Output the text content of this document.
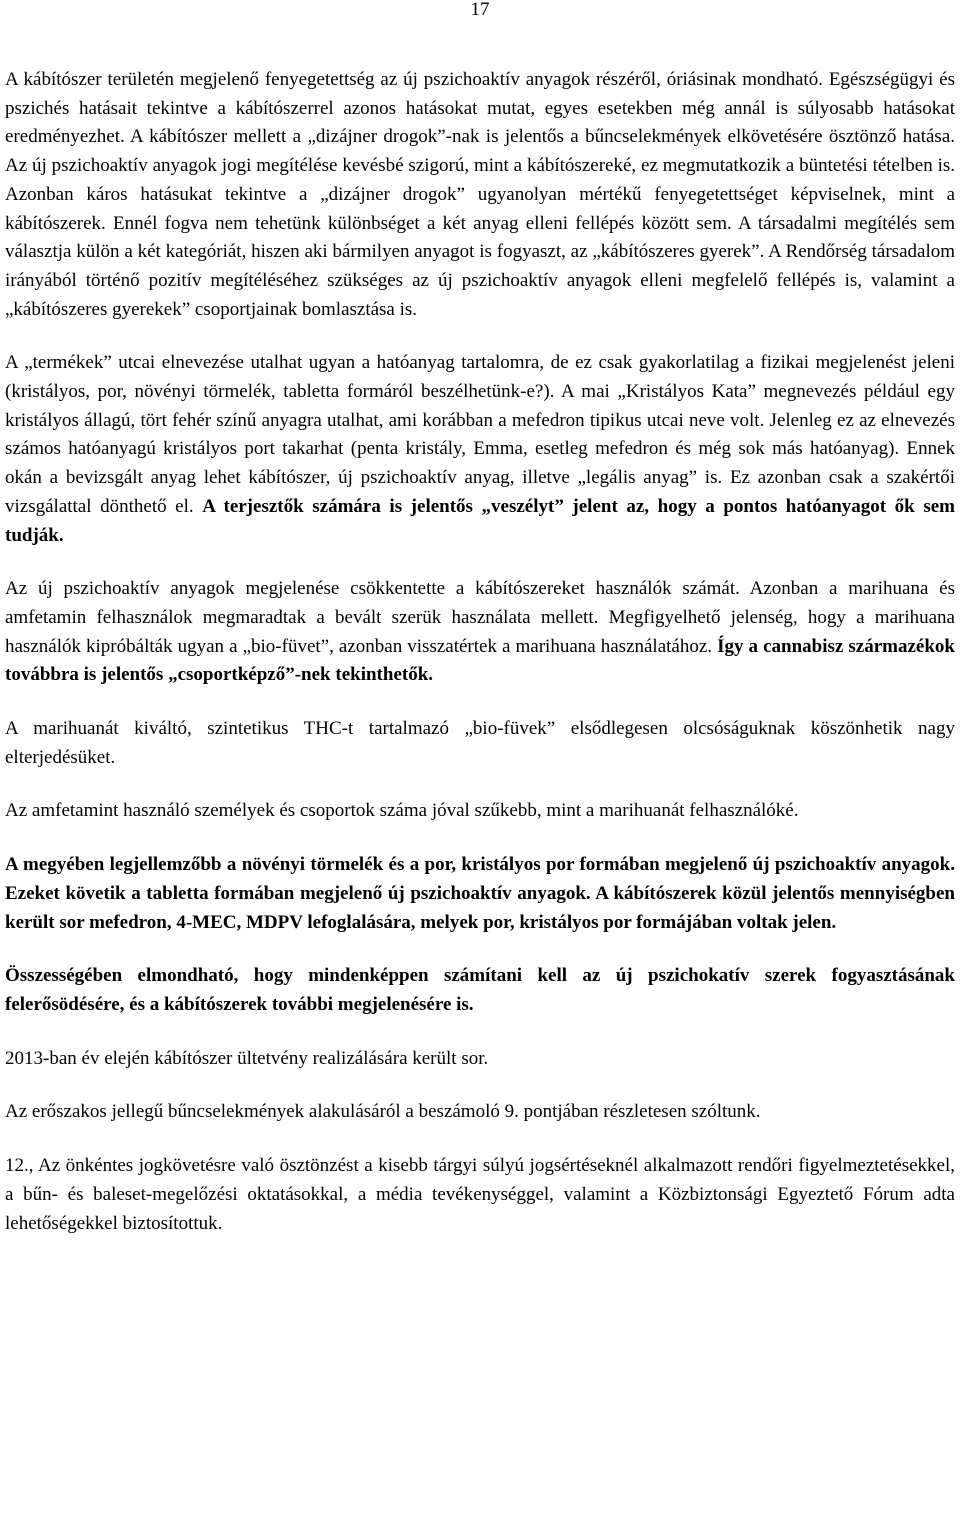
17

A kábítószer területén megjelenő fenyegetettség az új pszichoaktív anyagok részéről, óriásinak mondható. Egészségügyi és pszichés hatásait tekintve a kábítószerrel azonos hatásokat mutat, egyes esetekben még annál is súlyosabb hatásokat eredményezhet. A kábítószer mellett a „dizájner drogok”-nak is jelentős a bűncselekmények elkövetésére ösztönző hatása. Az új pszichoaktív anyagok jogi megítélése kevésbé szigorú, mint a kábítószereké, ez megmutatkozik a büntetési tételben is. Azonban káros hatásukat tekintve a „dizájner drogok” ugyanolyan mértékű fenyegetettséget képviselnek, mint a kábítószerek. Ennél fogva nem tehetünk különbséget a két anyag elleni fellépés között sem. A társadalmi megítélés sem választja külön a két kategóriát, hiszen aki bármilyen anyagot is fogyaszt, az „kábítószeres gyerek”. A Rendőrség társadalom irányából történő pozitív megítéléséhez szükséges az új pszichoaktív anyagok elleni megfelelő fellépés is, valamint a „kábítószeres gyerekek” csoportjainak bomlasztása is.

A „termékek” utcai elnevezése utalhat ugyan a hatóanyag tartalomra, de ez csak gyakorlatilag a fizikai megjelenést jeleni (kristályos, por, növényi törmelék, tabletta formáról beszélhetünk-e?). A mai „Kristályos Kata” megnevezés például egy kristályos állagú, tört fehér színű anyagra utalhat, ami korábban a mefedron tipikus utcai neve volt. Jelenleg ez az elnevezés számos hatóanyagú kristályos port takarhat (penta kristály, Emma, esetleg mefedron és még sok más hatóanyag). Ennek okán a bevizsgált anyag lehet kábítószer, új pszichoaktív anyag, illetve „legális anyag” is. Ez azonban csak a szakértői vizsgálattal dönthető el. A terjesztők számára is jelentős „veszélyt” jelent az, hogy a pontos hatóanyagot ők sem tudják.

Az új pszichoaktív anyagok megjelenése csökkentette a kábítószereket használók számát. Azonban a marihuana és amfetamin felhasználok megmaradtak a bevált szerük használata mellett. Megfigyelhető jelenség, hogy a marihuana használók kipróbálták ugyan a „bio-füvet”, azonban visszatértek a marihuana használatához. Így a cannabisz származékok továbbra is jelentős „csoportképző”-nek tekinthetők.

A marihuanát kiváltó, szintetikus THC-t tartalmazó „bio-füvek” elsődlegesen olcsóságuknak köszönhetik nagy elterjedésüket.

Az amfetamint használó személyek és csoportok száma jóval szűkebb, mint a marihuanát felhasználóké.

A megyében legjellemzőbb a növényi törmelék és a por, kristályos por formában megjelenő új pszichoaktív anyagok. Ezeket követik a tabletta formában megjelenő új pszichoaktív anyagok. A kábítószerek közül jelentős mennyiségben került sor mefedron, 4-MEC, MDPV lefoglalására, melyek por, kristályos por formájában voltak jelen.

Összességében elmondható, hogy mindenképpen számítani kell az új pszichokatív szerek fogyasztásának felerősödésére, és a kábítószerek további megjelenésére is.

2013-ban év elején kábítószer ültetvény realizálására került sor.

Az erőszakos jellegű bűncselekmények alakulásáról a beszámoló 9. pontjában részletesen szóltunk.

12., Az önkéntes jogkövetésre való ösztönzést a kisebb tárgyi súlyú jogsértéseknél alkalmazott rendőri figyelmeztetésekkel, a bűn- és baleset-megelőzési oktatásokkal, a média tevékenységgel, valamint a Közbiztonsági Egyeztető Fórum adta lehetőségekkel biztosítottuk.
